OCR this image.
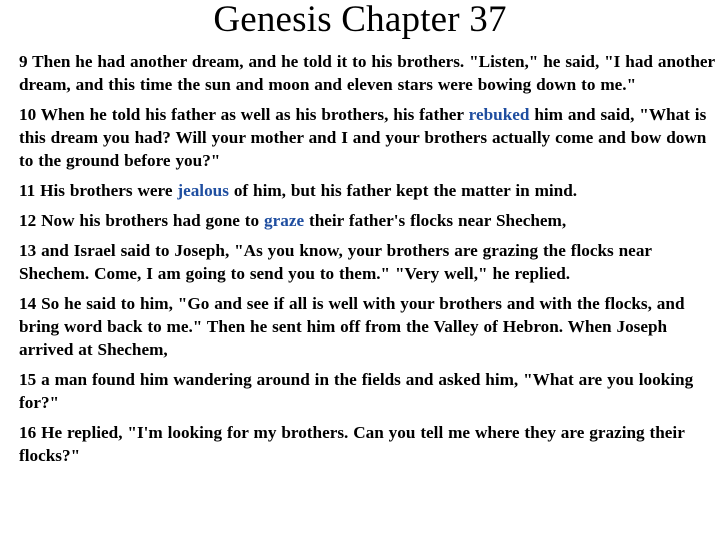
Genesis Chapter 37

9 Then he had another dream, and he told it to his brothers. "Listen," he said, "I had another dream, and this time the sun and moon and eleven stars were bowing down to me."

10 When he told his father as well as his brothers, his father rebuked him and said, "What is this dream you had? Will your mother and I and your brothers actually come and bow down to the ground before you?"

11 His brothers were jealous of him, but his father kept the matter in mind.

12 Now his brothers had gone to graze their father's flocks near Shechem,

13 and Israel said to Joseph, "As you know, your brothers are grazing the flocks near Shechem. Come, I am going to send you to them." "Very well," he replied.

14 So he said to him, "Go and see if all is well with your brothers and with the flocks, and bring word back to me." Then he sent him off from the Valley of Hebron. When Joseph arrived at Shechem,

15 a man found him wandering around in the fields and asked him, "What are you looking for?"

16 He replied, "I'm looking for my brothers. Can you tell me where they are grazing their flocks?"
